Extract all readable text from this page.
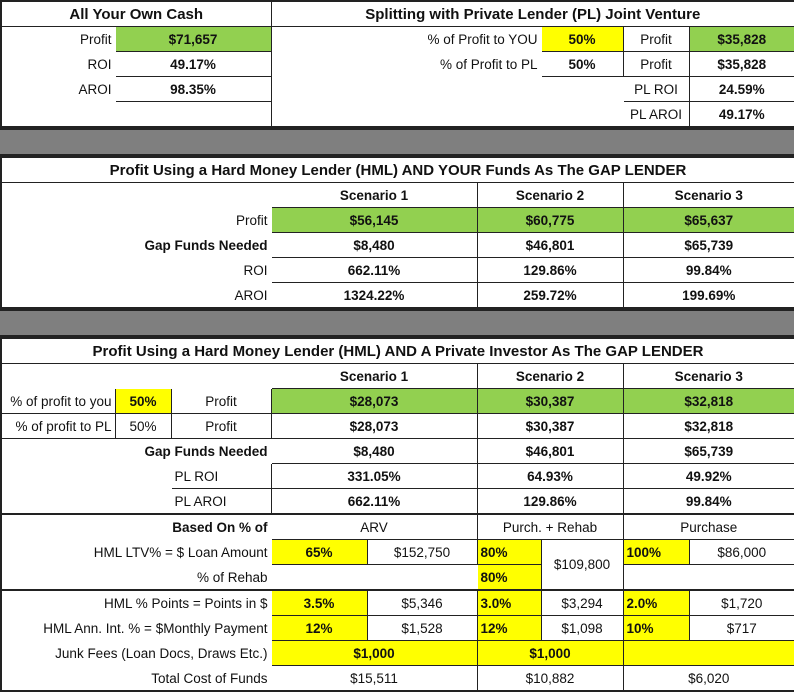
All Your Own Cash		Splitting with Private Lender (PL) Joint Venture			
Profit	$71,657	% of Profit to YOU	50%	Profit	$35,828
ROI	49.17%	% of Profit to PL	50%	Profit	$35,828
AROI	98.35%			PL ROI	24.59%
				PL AROI	49.17%
Profit Using a Hard Money Lender (HML) AND YOUR Funds As The GAP LENDER			
	Scenario 1	Scenario 2	Scenario 3
Profit	$56,145	$60,775	$65,637
Gap Funds Needed	$8,480	$46,801	$65,739
ROI	662.11%	129.86%	99.84%
AROI	1324.22%	259.72%	199.69%
Profit Using a Hard Money Lender (HML) AND A Private Investor As The GAP LENDER								
			Scenario 1		Scenario 2		Scenario 3	
% of profit to you	50%	Profit	$28,073		$30,387		$32,818	
% of profit to PL	50%	Profit	$28,073		$30,387		$32,818	
Gap Funds Needed			$8,480		$46,801		$65,739	
		PL ROI	331.05%		64.93%		49.92%	
		PL AROI	662.11%		129.86%		99.84%	
Based On % of			ARV		Purch. + Rehab		Purchase	
HML LTV% = $ Loan Amount			65%	$152,750	80%	$109,800	100%	$86,000
% of Rehab					80%			
HML % Points = Points in $			3.5%	$5,346	3.0%	$3,294	2.0%	$1,720
HML Ann. Int. % = $Monthly Payment			12%	$1,528	12%	$1,098	10%	$717
Junk Fees (Loan Docs, Draws Etc.)			$1,000		$1,000			
Total Cost of Funds			$15,511		$10,882		$6,020	
